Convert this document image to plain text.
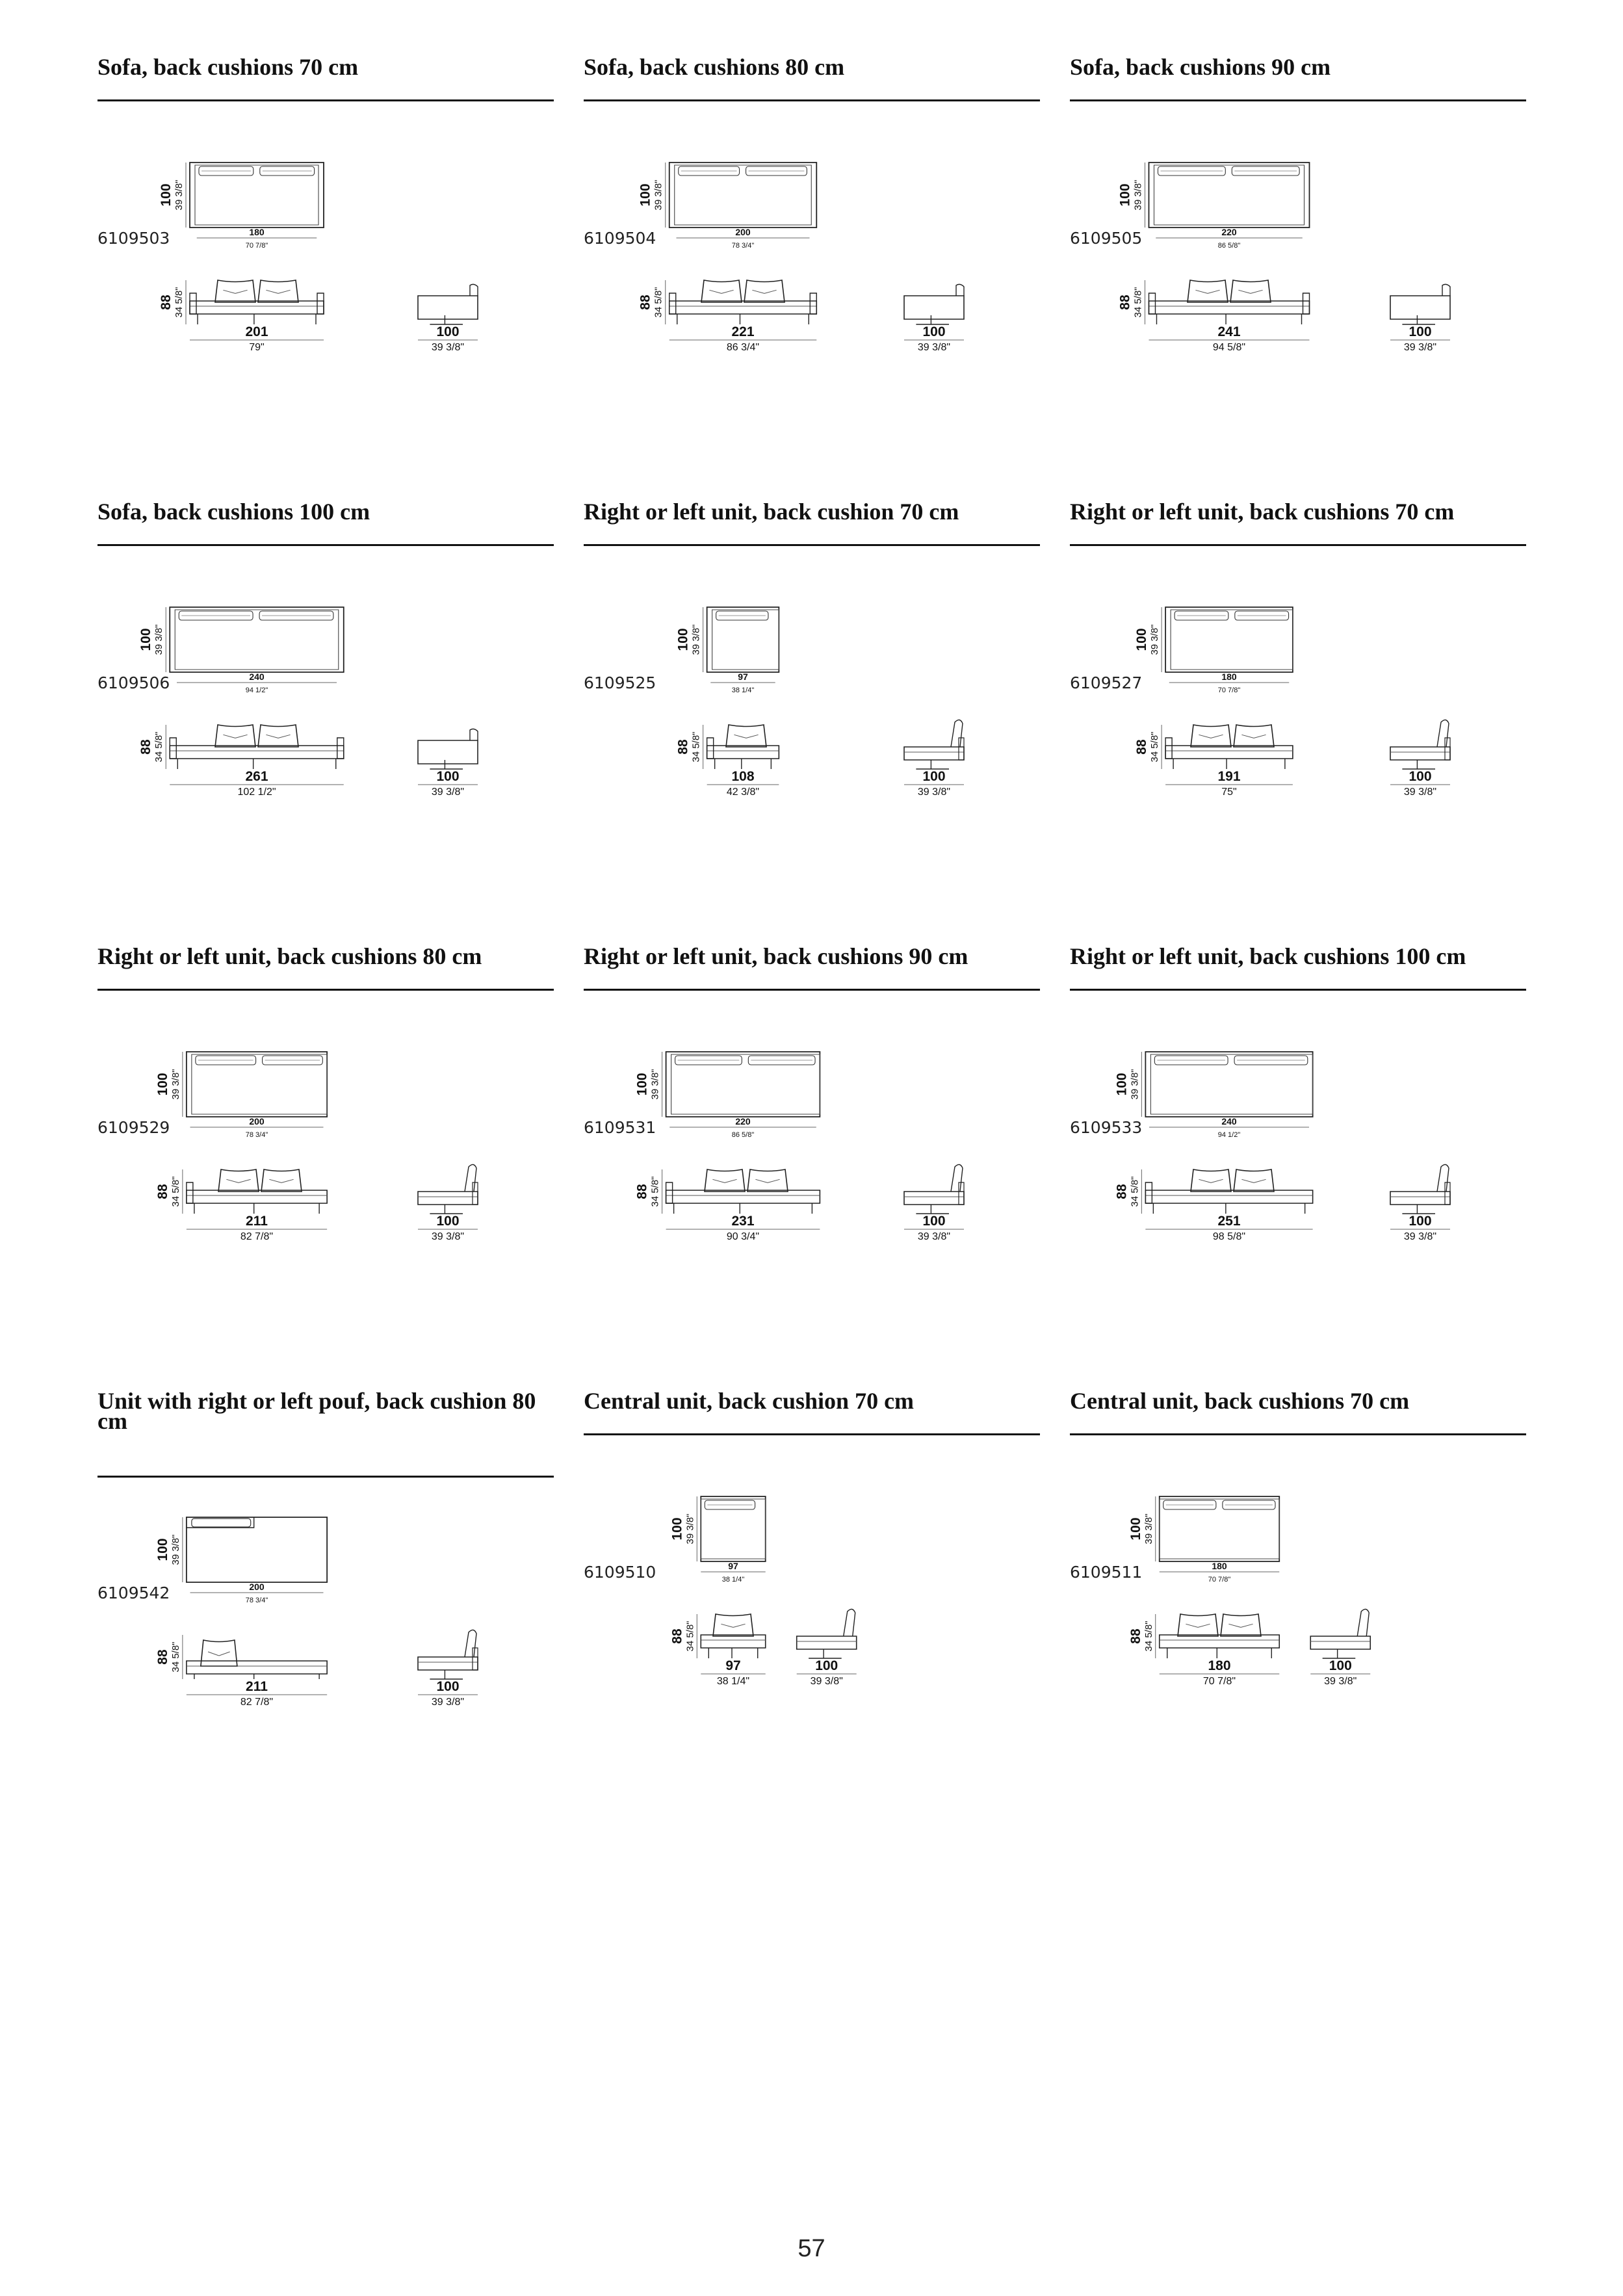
Sofa, back cushions 70 cm
6109503
100 39 3/8"
180
70 7/8"
88 34 5/8"
201
79"
100
39 3/8"
Sofa, back cushions 80 cm
6109504
100 39 3/8"
200
78 3/4"
88 34 5/8"
221
86 3/4"
100
39 3/8"
Sofa, back cushions 90 cm
6109505
100 39 3/8"
220
86 5/8"
88 34 5/8"
241
94 5/8"
100
39 3/8"
Sofa, back cushions 100 cm
6109506
100 39 3/8"
240
94 1/2"
88 34 5/8"
261
102 1/2"
100
39 3/8"
Right or left unit, back cushion 70 cm
6109525
100 39 3/8"
97
38 1/4"
88 34 5/8"
108
42 3/8"
100
39 3/8"
Right or left unit, back cushions 70 cm
6109527
100 39 3/8"
180
70 7/8"
88 34 5/8"
191
75"
100
39 3/8"
Right or left unit, back cushions 80 cm
6109529
100 39 3/8"
200
78 3/4"
88 34 5/8"
211
82 7/8"
100
39 3/8"
Right or left unit, back cushions 90 cm
6109531
100 39 3/8"
220
86 5/8"
88 34 5/8"
231
90 3/4"
100
39 3/8"
Right or left unit, back cushions 100 cm
6109533
100 39 3/8"
240
94 1/2"
88 34 5/8"
251
98 5/8"
100
39 3/8"
Unit with right or left pouf, back cushion 80 cm
6109542
100 39 3/8"
200
78 3/4"
88 34 5/8"
211
82 7/8"
100
39 3/8"
Central unit, back cushion 70 cm
6109510
100 39 3/8"
97
38 1/4"
88 34 5/8"
97
38 1/4"
100
39 3/8"
Central unit, back cushions 70 cm
6109511
100 39 3/8"
180
70 7/8"
88 34 5/8"
180
70 7/8"
100
39 3/8"
57
